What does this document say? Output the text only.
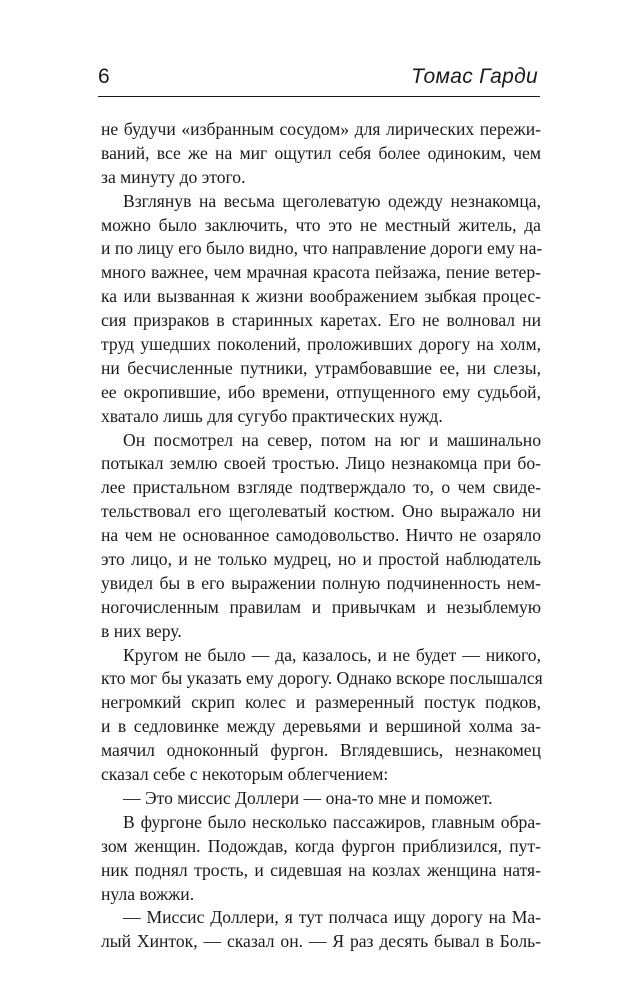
6	Томас Гарди
не будучи «избранным сосудом» для лирических пережи-
ваний, все же на миг ощутил себя более одиноким, чем
за минуту до этого.
Взглянув на весьма щеголеватую одежду незнакомца,
можно было заключить, что это не местный житель, да
и по лицу его было видно, что направление дороги ему на-
много важнее, чем мрачная красота пейзажа, пение ветер-
ка или вызванная к жизни воображением зыбкая процес-
сия призраков в старинных каретах. Его не волновал ни
труд ушедших поколений, проложивших дорогу на холм,
ни бесчисленные путники, утрамбовавшие ее, ни слезы,
ее окропившие, ибо времени, отпущенного ему судьбой,
хватало лишь для сугубо практических нужд.
Он посмотрел на север, потом на юг и машинально
потыкал землю своей тростью. Лицо незнакомца при бо-
лее пристальном взгляде подтверждало то, о чем свиде-
тельствовал его щеголеватый костюм. Оно выражало ни
на чем не основанное самодовольство. Ничто не озаряло
это лицо, и не только мудрец, но и простой наблюдатель
увидел бы в его выражении полную подчиненность нем-
ногочисленным правилам и привычкам и незыблемую
в них веру.
Кругом не было — да, казалось, и не будет — никого,
кто мог бы указать ему дорогу. Однако вскоре послышался
негромкий скрип колес и размеренный постук подков,
и в седловинке между деревьями и вершиной холма за-
маячил одноконный фургон. Вглядевшись, незнакомец
сказал себе с некоторым облегчением:
— Это миссис Доллери — она-то мне и поможет.
В фургоне было несколько пассажиров, главным обра-
зом женщин. Подождав, когда фургон приблизился, пут-
ник поднял трость, и сидевшая на козлах женщина натя-
нула вожжи.
— Миссис Доллери, я тут полчаса ищу дорогу на Ма-
лый Хинток, — сказал он. — Я раз десять бывал в Боль-
